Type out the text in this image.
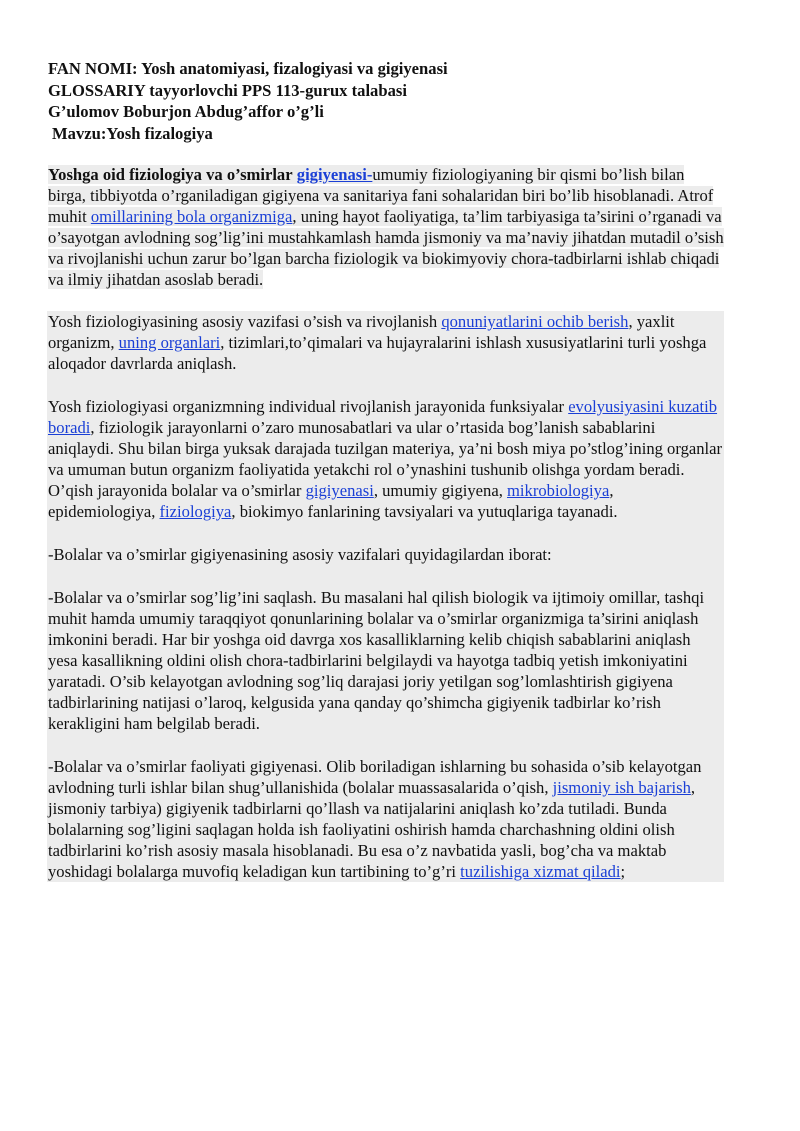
FAN NOMI: Yosh anatomiyasi, fizalogiyasi va gigiyenasi

GLOSSARIY tayyorlovchi PPS 113-gurux talabasi

G’ulomov Boburjon Abdug’affor o’g’li

Mavzu:Yosh fizalogiya

Yoshga oid fiziologiya va o’smirlar gigiyenasi-umumiy fiziologiyaning bir qismi bo’lish bilan birga, tibbiyotda o’rganiladigan gigiyena va sanitariya fani sohalaridan biri bo’lib hisoblanadi. Atrof muhit omillarining bola organizmiga, uning hayot faoliyatiga, ta’lim tarbiyasiga ta’sirini o’rganadi va o’sayotgan avlodning sog’lig’ini mustahkamlash hamda jismoniy va ma’naviy jihatdan mutadil o’sish va rivojlanishi uchun zarur bo’lgan barcha fiziologik va biokimyoviy chora-tadbirlarni ishlab chiqadi va ilmiy jihatdan asoslab beradi.

Yosh fiziologiyasining asosiy vazifasi o’sish va rivojlanish qonuniyatlarini ochib berish, yaxlit organizm, uning organlari, tizimlari,to’qimalari va hujayralarini ishlash xususiyatlarini turli yoshga aloqador davrlarda aniqlash.

Yosh fiziologiyasi organizmning individual rivojlanish jarayonida funksiyalar evolyusiyasini kuzatib boradi, fiziologik jarayonlarni o’zaro munosabatlari va ular o’rtasida bog’lanish sabablarini aniqlaydi. Shu bilan birga yuksak darajada tuzilgan materiya, ya’ni bosh miya po’stlog’ining organlar va umuman butun organizm faoliyatida yetakchi rol o’ynashini tushunib olishga yordam beradi. O’qish jarayonida bolalar va o’smirlar gigiyenasi, umumiy gigiyena, mikrobiologiya, epidemiologiya, fiziologiya, biokimyo fanlarining tavsiyalari va yutuqlariga tayanadi.

-Bolalar va o’smirlar gigiyenasining asosiy vazifalari quyidagilardan iborat:

-Bolalar va o’smirlar sog’lig’ini saqlash. Bu masalani hal qilish biologik va ijtimoiy omillar, tashqi muhit hamda umumiy taraqqiyot qonunlarining bolalar va o’smirlar organizmiga ta’sirini aniqlash imkonini beradi. Har bir yoshga oid davrga xos kasalliklarning kelib chiqish sabablarini aniqlash yesa kasallikning oldini olish chora-tadbirlarini belgilaydi va hayotga tadbiq yetish imkoniyatini yaratadi. O’sib kelayotgan avlodning sog’liq darajasi joriy yetilgan sog’lomlashtirish gigiyena tadbirlarining natijasi o’laroq, kelgusida yana qanday qo’shimcha gigiyenik tadbirlar ko’rish kerakligini ham belgilab beradi.

-Bolalar va o’smirlar faoliyati gigiyenasi. Olib boriladigan ishlarning bu sohasida o’sib kelayotgan avlodning turli ishlar bilan shug’ullanishida (bolalar muassasalarida o’qish, jismoniy ish bajarish, jismoniy tarbiya) gigiyenik tadbirlarni qo’llash va natijalarini aniqlash ko’zda tutiladi. Bunda bolalarning sog’ligini saqlagan holda ish faoliyatini oshirish hamda charchashning oldini olish tadbirlarini ko’rish asosiy masala hisoblanadi. Bu esa o’z navbatida yasli, bog’cha va maktab yoshidagi bolalarga muvofiq keladigan kun tartibining to’g’ri tuzilishiga xizmat qiladi;
